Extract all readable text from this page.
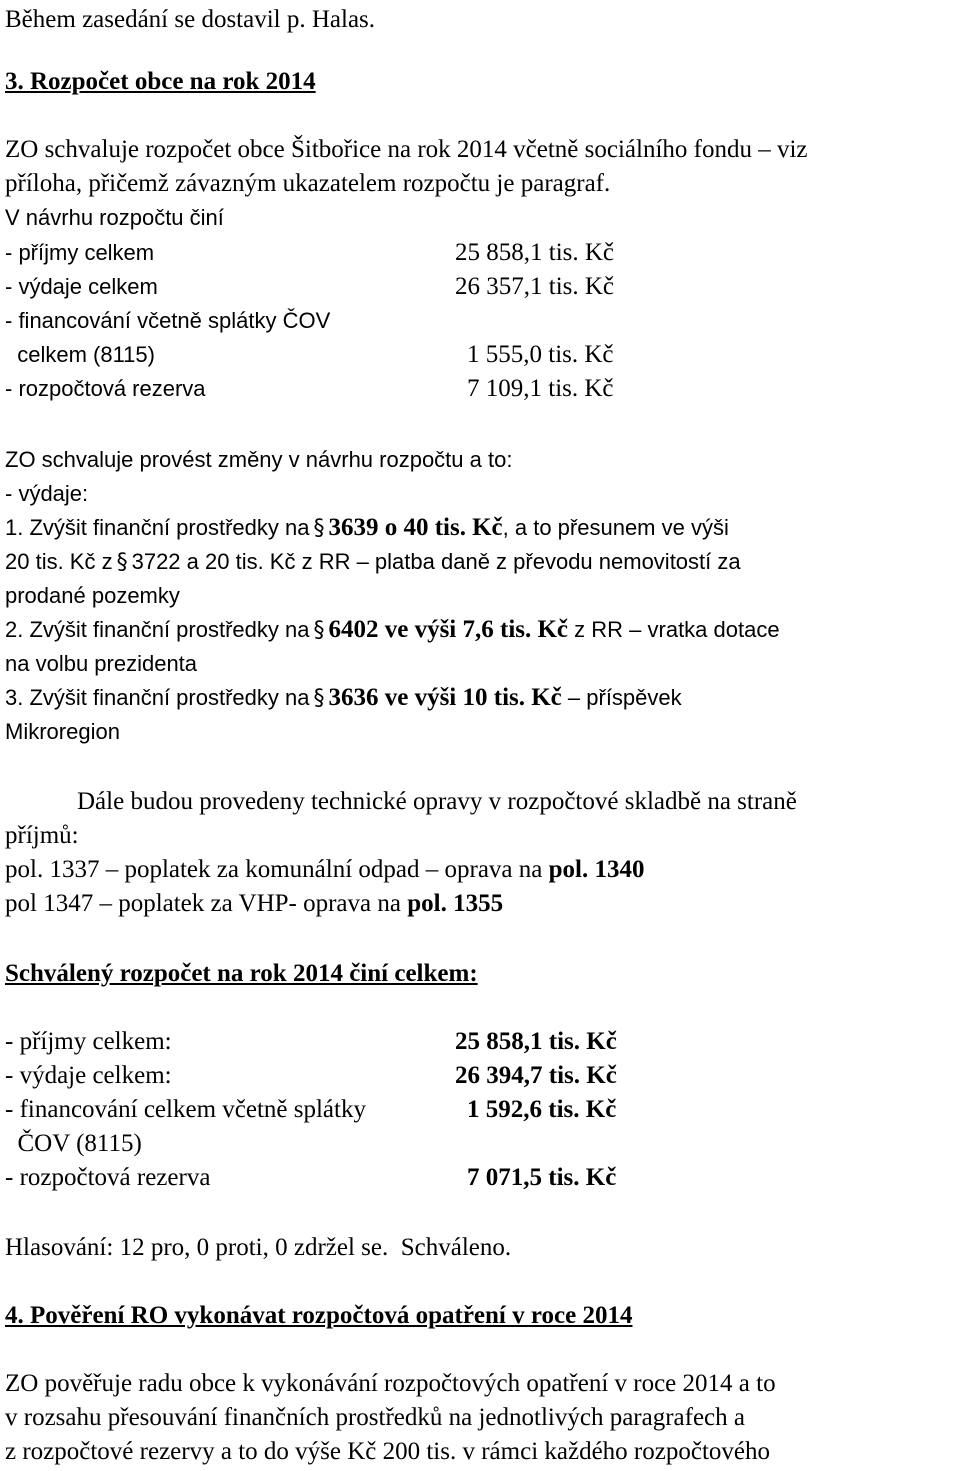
Během zasedání se dostavil p. Halas.
3. Rozpočet obce na rok 2014
ZO schvaluje rozpočet obce Šitbořice na rok 2014 včetně sociálního fondu – viz
příloha, přičemž závazným ukazatelem rozpočtu je paragraf.
V návrhu rozpočtu činí
- příjmy celkem	25 858,1 tis. Kč
- výdaje celkem	26 357,1 tis. Kč
- financování včetně splátky ČOV
celkem (8115)	1 555,0 tis. Kč
- rozpočtová rezerva	7 109,1 tis. Kč
ZO schvaluje provést změny v návrhu rozpočtu a to:
- výdaje:
1. Zvýšit finanční prostředky na § 3639 o 40 tis. Kč, a to přesunem ve výši
20 tis. Kč z § 3722 a 20 tis. Kč z RR – platba daně z převodu nemovitostí za
prodané pozemky
2. Zvýšit finanční prostředky na § 6402 ve výši 7,6 tis. Kč z RR – vratka dotace
na volbu prezidenta
3. Zvýšit finanční prostředky na § 3636 ve výši 10 tis. Kč – příspěvek
Mikroregion
Dále budou provedeny technické opravy v rozpočtové skladbě na straně
příjmů:
pol. 1337 – poplatek za komunální odpad – oprava na pol. 1340
pol 1347 – poplatek za VHP- oprava na pol. 1355
Schválený rozpočet na rok 2014 činí celkem:
- příjmy celkem:	25 858,1 tis. Kč
- výdaje celkem:	26 394,7 tis. Kč
- financování celkem včetně splátky	1 592,6 tis. Kč
ČOV (8115)
- rozpočtová rezerva	7 071,5 tis. Kč
Hlasování: 12 pro, 0 proti, 0 zdržel se.  Schváleno.
4. Pověření RO vykonávat rozpočtová opatření v roce 2014
ZO pověřuje radu obce k vykonávání rozpočtových opatření v roce 2014 a to
v rozsahu přesouvání finančních prostředků na jednotlivých paragrafech a
z rozpočtové rezervy a to do výše Kč 200 tis. v rámci každého rozpočtového
